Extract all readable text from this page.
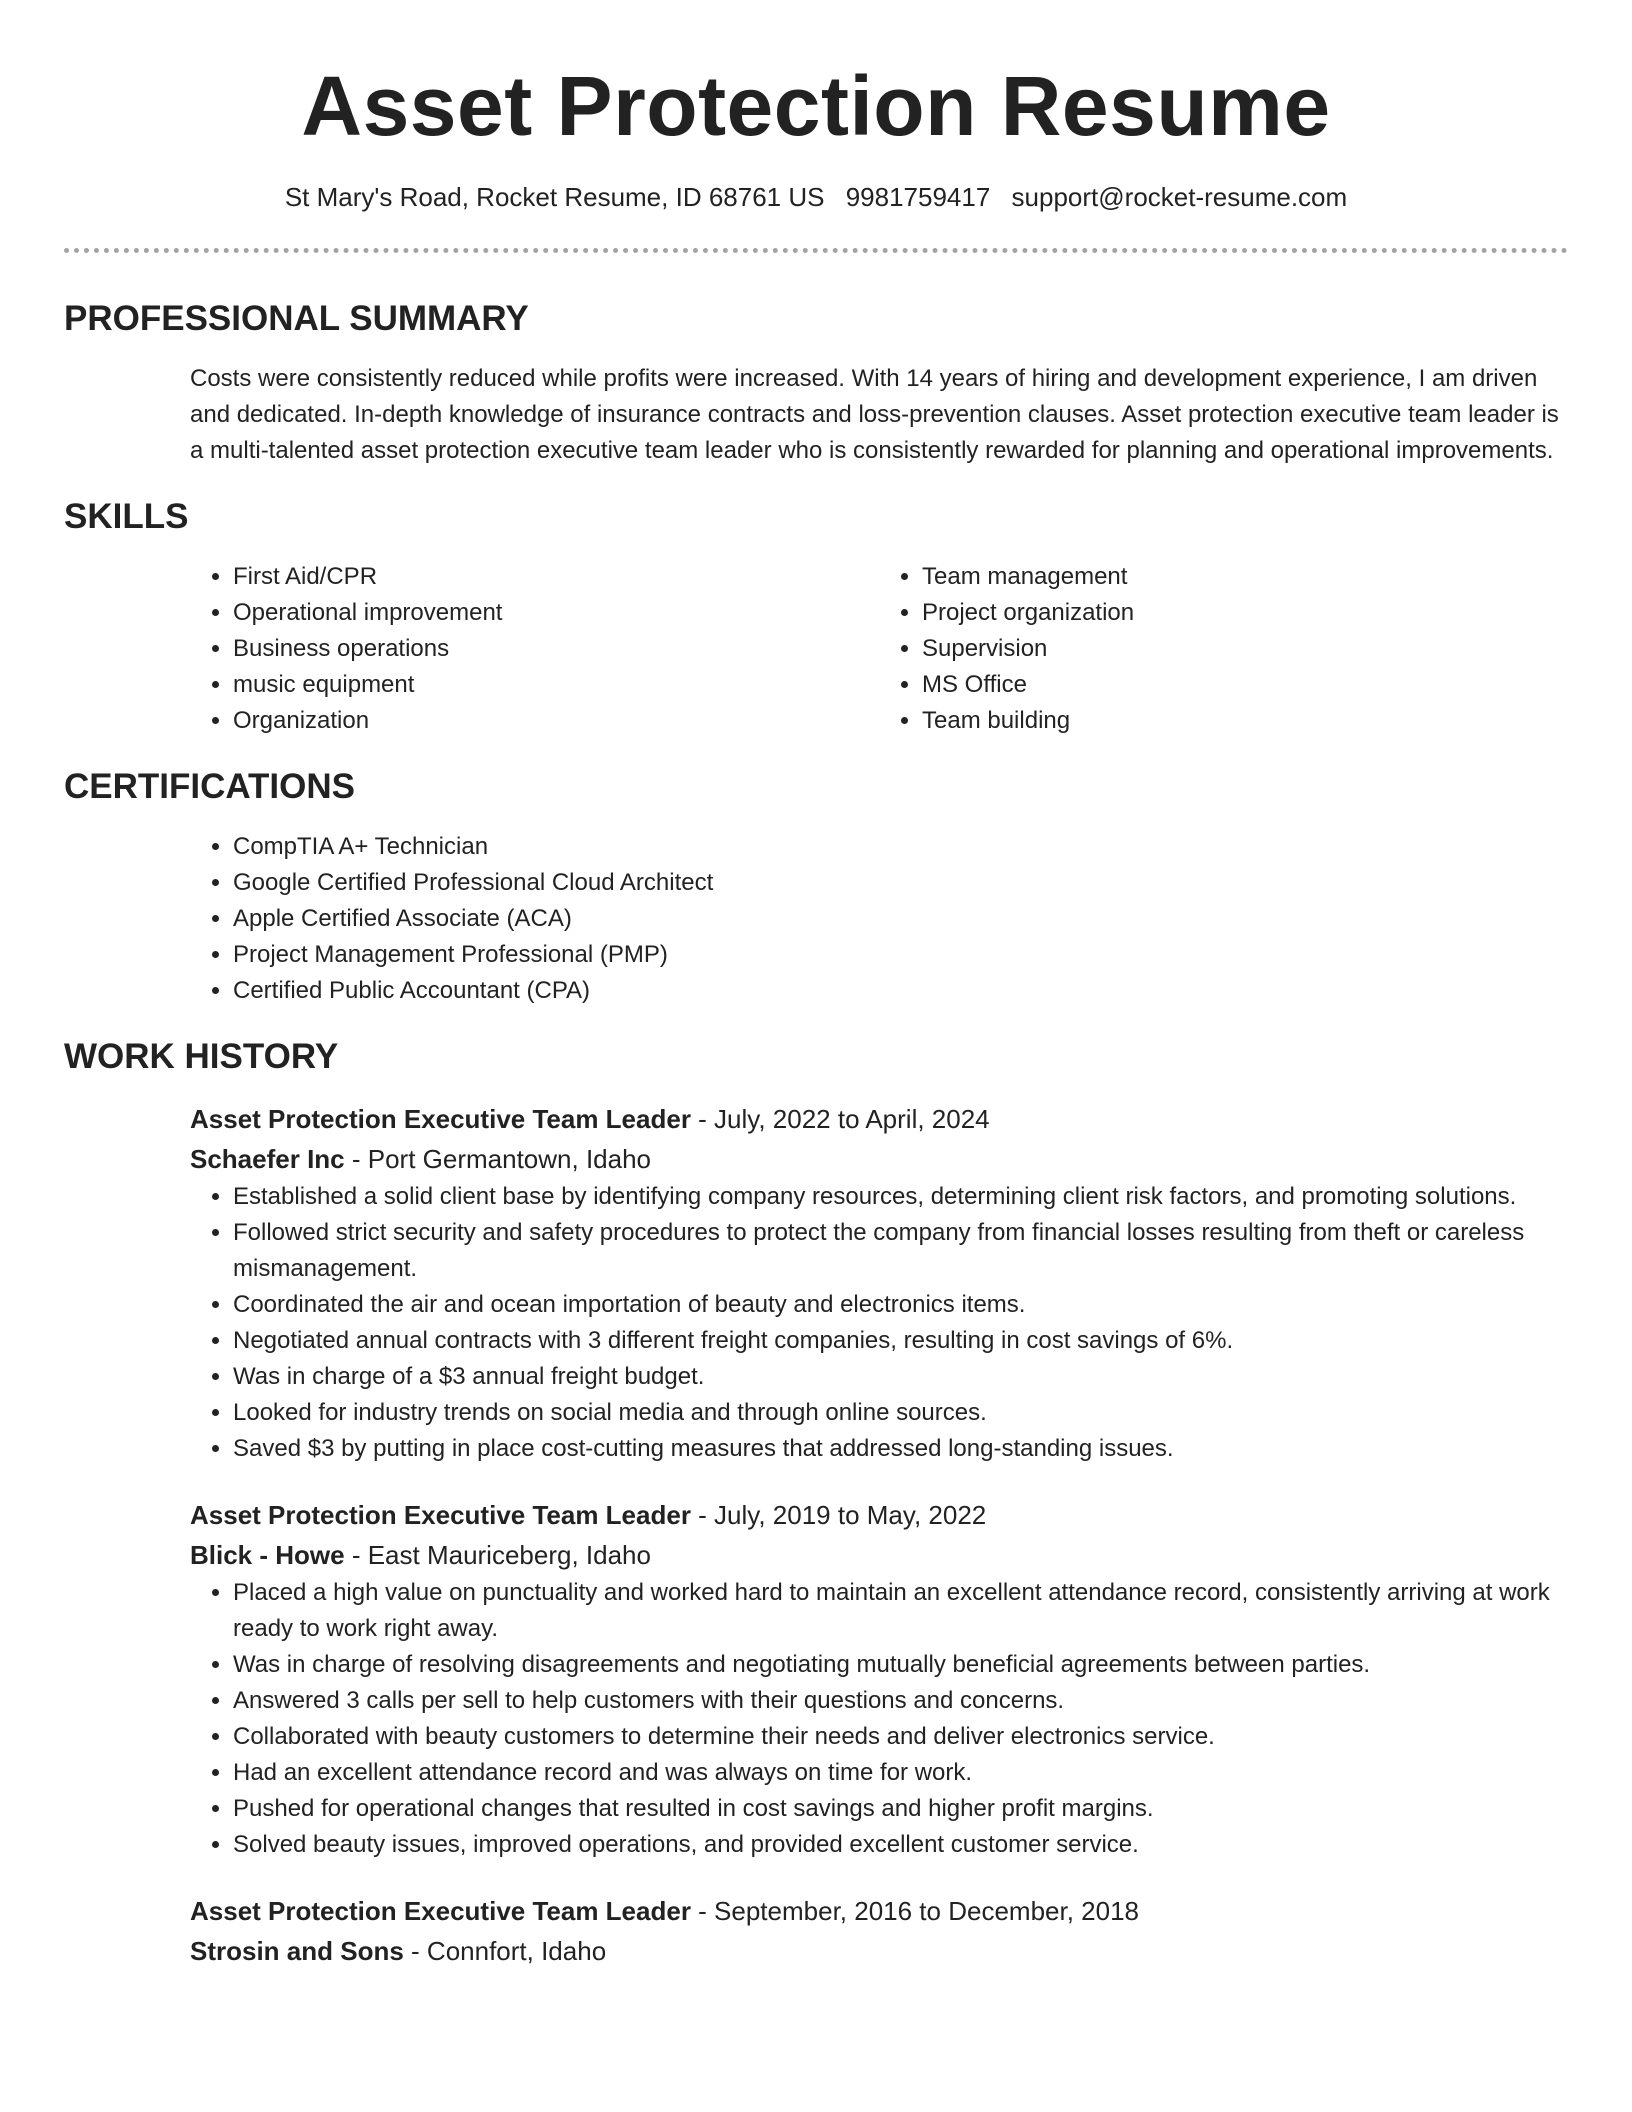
Asset Protection Resume
St Mary's Road, Rocket Resume, ID 68761 US 9981759417 support@rocket-resume.com
PROFESSIONAL SUMMARY
Costs were consistently reduced while profits were increased. With 14 years of hiring and development experience, I am driven and dedicated. In-depth knowledge of insurance contracts and loss-prevention clauses. Asset protection executive team leader is a multi-talented asset protection executive team leader who is consistently rewarded for planning and operational improvements.
SKILLS
• First Aid/CPR
• Operational improvement
• Business operations
• music equipment
• Organization
• Team management
• Project organization
• Supervision
• MS Office
• Team building
CERTIFICATIONS
• CompTIA A+ Technician
• Google Certified Professional Cloud Architect
• Apple Certified Associate (ACA)
• Project Management Professional (PMP)
• Certified Public Accountant (CPA)
WORK HISTORY
Asset Protection Executive Team Leader - July, 2022 to April, 2024
Schaefer Inc - Port Germantown, Idaho
• Established a solid client base by identifying company resources, determining client risk factors, and promoting solutions.
• Followed strict security and safety procedures to protect the company from financial losses resulting from theft or careless mismanagement.
• Coordinated the air and ocean importation of beauty and electronics items.
• Negotiated annual contracts with 3 different freight companies, resulting in cost savings of 6%.
• Was in charge of a $3 annual freight budget.
• Looked for industry trends on social media and through online sources.
• Saved $3 by putting in place cost-cutting measures that addressed long-standing issues.
Asset Protection Executive Team Leader - July, 2019 to May, 2022
Blick - Howe - East Mauriceberg, Idaho
• Placed a high value on punctuality and worked hard to maintain an excellent attendance record, consistently arriving at work ready to work right away.
• Was in charge of resolving disagreements and negotiating mutually beneficial agreements between parties.
• Answered 3 calls per sell to help customers with their questions and concerns.
• Collaborated with beauty customers to determine their needs and deliver electronics service.
• Had an excellent attendance record and was always on time for work.
• Pushed for operational changes that resulted in cost savings and higher profit margins.
• Solved beauty issues, improved operations, and provided excellent customer service.
Asset Protection Executive Team Leader - September, 2016 to December, 2018
Strosin and Sons - Connfort, Idaho
